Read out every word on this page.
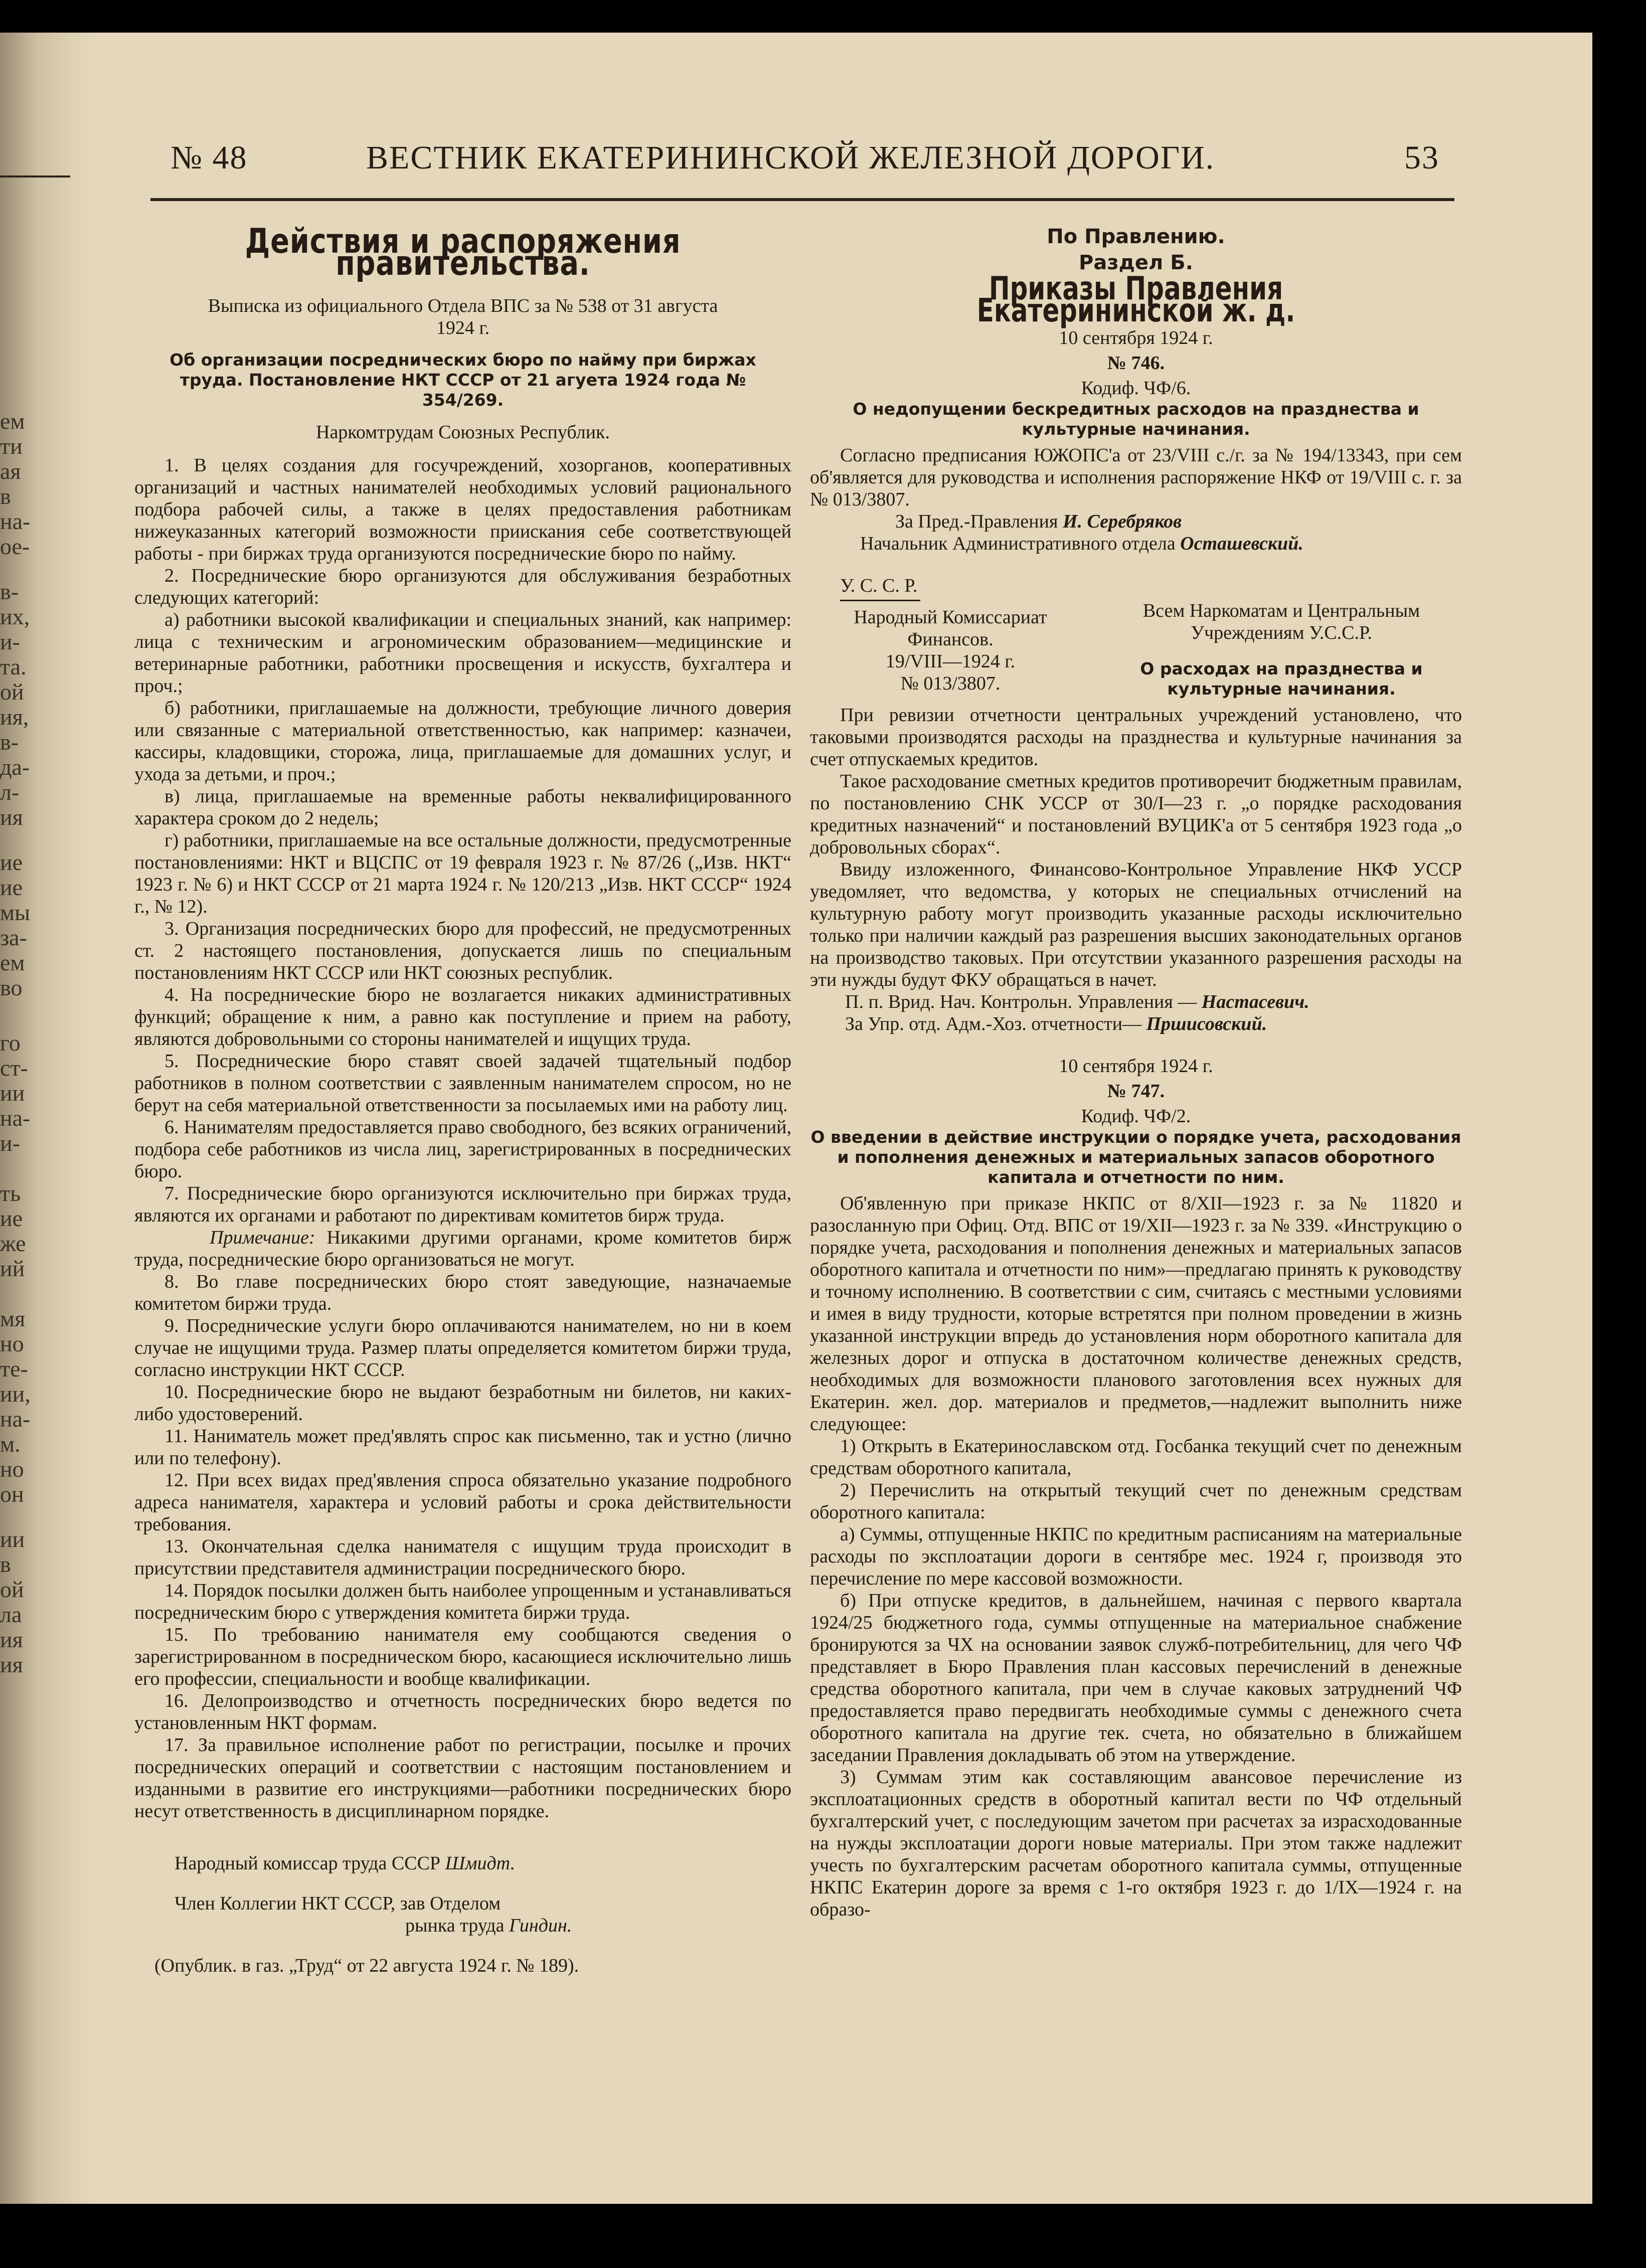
ем
ти
ая
в
на-
ое-
в-
их,
и-
та.
ой
ия,
в-
да-
л-
ия
ие
ие
мы
за-
ем
во
го
ст-
ии
на-
и-
ть
ие
же
ий
мя
но
те-
ии,
на-
м.
но
он
ии
в
ой
ла
ия
ия
№ 48	ВЕСТНИК ЕКАТЕРИНИНСКОЙ ЖЕЛЕЗНОЙ ДОРОГИ.	53
Действия и распоряжения правительства.
Выписка из официального Отдела ВПС за № 538 от 31 августа 1924 г.
Об организации посреднических бюро по найму при биржах труда. Постановление НКТ СССР от 21 агуета 1924 года № 354/269.
Наркомтрудам Союзных Республик.

1. В целях создания для госучреждений, хозорганов, кооперативных организаций и частных нанимателей необходимых условий рационального подбора рабочей силы, а также в целях предоставления работникам нижеуказанных категорий возможности приискания себе соответствующей работы - при биржах труда организуются посреднические бюро по найму.

2. Посреднические бюро организуются для обслуживания безработных следующих категорий:

а) работники высокой квалификации и специальных знаний, как например: лица с техническим и агрономическим образованием—медицинские и ветеринарные работники, работники просвещения и искусств, бухгалтера и проч.;

б) работники, приглашаемые на должности, требующие личного доверия или связанные с материальной ответственностью, как например: казначеи, кассиры, кладовщики, сторожа, лица, приглашаемые для домашних услуг, и ухода за детьми, и проч.;

в) лица, приглашаемые на временные работы неквалифицированного характера сроком до 2 недель;

г) работники, приглашаемые на все остальные должности, предусмотренные постановлениями: НКТ и ВЦСПС от 19 февраля 1923 г. № 87/26 („Изв. НКТ“ 1923 г. № 6) и НКТ СССР от 21 марта 1924 г. № 120/213 „Изв. НКТ СССР“ 1924 г., № 12).

3. Организация посреднических бюро для профессий, не предусмотренных ст. 2 настоящего постановления, допускается лишь по специальным постановлениям НКТ СССР или НКТ союзных республик.

4. На посреднические бюро не возлагается никаких административных функций; обращение к ним, а равно как поступление и прием на работу, являются добровольными со стороны нанимателей и ищущих труда.

5. Посреднические бюро ставят своей задачей тщательный подбор работников в полном соответствии с заявленным нанимателем спросом, но не берут на себя материальной ответственности за посылаемых ими на работу лиц.

6. Нанимателям предоставляется право свободного, без всяких ограничений, подбора себе работников из числа лиц, зарегистрированных в посреднических бюро.

7. Посреднические бюро организуются исключительно при биржах труда, являются их органами и работают по директивам комитетов бирж труда.

Примечание: Никакими другими органами, кроме комитетов бирж труда, посреднические бюро организоваться не могут.

8. Во главе посреднических бюро стоят заведующие, назначаемые комитетом биржи труда.

9. Посреднические услуги бюро оплачиваются нанимателем, но ни в коем случае не ищущими труда. Размер платы определяется комитетом биржи труда, согласно инструкции НКТ СССР.

10. Посреднические бюро не выдают безработным ни билетов, ни каких-либо удостоверений.

11. Наниматель может пред'являть спрос как письменно, так и устно (лично или по телефону).

12. При всех видах пред'явления спроса обязательно указание подробного адреса нанимателя, характера и условий работы и срока действительности требования.

13. Окончательная сделка нанимателя с ищущим труда происходит в присутствии представителя администрации посреднического бюро.

14. Порядок посылки должен быть наиболее упрощенным и устанавливаться посредническим бюро с утверждения комитета биржи труда.

15. По требованию нанимателя ему сообщаются сведения о зарегистрированном в посредническом бюро, касающиеся исключительно лишь его профессии, специальности и вообще квалификации.

16. Делопроизводство и отчетность посреднических бюро ведется по установленным НКТ формам.

17. За правильное исполнение работ по регистрации, посылке и прочих посреднических операций и соответствии с настоящим постановлением и изданными в развитие его инструкциями—работники посреднических бюро несут ответственность в дисциплинарном порядке.

Народный комиссар труда СССР Шмидт.
Член Коллегии НКТ СССР, зав Отделом
рынка труда Гиндин.
(Опублик. в газ. „Труд“ от 22 августа 1924 г. № 189).
По Правлению.
Раздел Б.
Приказы Правления Екатерининской ж. д.
10 сентября 1924 г.
№ 746.
Кодиф. ЧФ/6.
О недопущении бескредитных расходов на празднества и культурные начинания.

Согласно предписания ЮЖОПС'а от 23/VIII с./г. за № 194/13343, при сем об'является для руководства и исполнения распоряжение НКФ от 19/VIII с. г. за № 013/3807.

За Пред.-Правления И. Серебряков
Начальник Административного отдела Осташевский.
У. С. С. Р.
Народный Комиссариат
Финансов.
19/VIII—1924 г.
№ 013/3807.
Всем Наркоматам и Центральным Учреждениям У.С.С.Р.
О расходах на празднества и культурные начинания.

При ревизии отчетности центральных учреждений установлено, что таковыми производятся расходы на празднества и культурные начинания за счет отпускаемых кредитов.

Такое расходование сметных кредитов противоречит бюджетным правилам, по постановлению СНК УССР от 30/I—23 г. „о порядке расходования кредитных назначений“ и постановлений ВУЦИК'а от 5 сентября 1923 года „о добровольных сборах“.

Ввиду изложенного, Финансово-Контрольное Управление НКФ УССР уведомляет, что ведомства, у которых не специальных отчислений на культурную работу могут производить указанные расходы исключительно только при наличии каждый раз разрешения высших законодательных органов на производство таковых. При отсутствии указанного разрешения расходы на эти нужды будут ФКУ обращаться в начет.

П. п. Врид. Нач. Контрольн. Управления — Настасевич.
За Упр. отд. Адм.-Хоз. отчетности— Пршисовский.
10 сентября 1924 г.
№ 747.
Кодиф. ЧФ/2.
О введении в действие инструкции о порядке учета, расходования и пополнения денежных и материальных запасов оборотного капитала и отчетности по ним.

Об'явленную при приказе НКПС от 8/XII—1923 г. за № 11820 и разосланную при Офиц. Отд. ВПС от 19/XII—1923 г. за № 339. «Инструкцию о порядке учета, расходования и пополнения денежных и материальных запасов оборотного капитала и отчетности по ним»—предлагаю принять к руководству и точному исполнению. В соответствии с сим, считаясь с местными условиями и имея в виду трудности, которые встретятся при полном проведении в жизнь указанной инструкции впредь до установления норм оборотного капитала для железных дорог и отпуска в достаточном количестве денежных средств, необходимых для возможности планового заготовления всех нужных для Екатерин. жел. дор. материалов и предметов,—надлежит выполнить ниже следующее:

1) Открыть в Екатеринославском отд. Госбанка текущий счет по денежным средствам оборотного капитала,

2) Перечислить на открытый текущий счет по денежным средствам оборотного капитала:

а) Суммы, отпущенные НКПС по кредитным расписаниям на материальные расходы по эксплоатации дороги в сентябре мес. 1924 г, производя это перечисление по мере кассовой возможности.

б) При отпуске кредитов, в дальнейшем, начиная с первого квартала 1924/25 бюджетного года, суммы отпущенные на материальное снабжение бронируются за ЧХ на основании заявок служб-потребительниц, для чего ЧФ представляет в Бюро Правления план кассовых перечислений в денежные средства оборотного капитала, при чем в случае каковых затруднений ЧФ предоставляется право передвигать необходимые суммы с денежного счета оборотного капитала на другие тек. счета, но обязательно в ближайшем заседании Правления докладывать об этом на утверждение.

3) Суммам этим как составляющим авансовое перечисление из эксплоатационных средств в оборотный капитал вести по ЧФ отдельный бухгалтерский учет, с последующим зачетом при расчетах за израсходованные на нужды эксплоатации дороги новые материалы. При этом также надлежит учесть по бухгалтерским расчетам оборотного капитала суммы, отпущенные НКПС Екатерин дороге за время с 1-го октября 1923 г. до 1/IX—1924 г. на образо-
